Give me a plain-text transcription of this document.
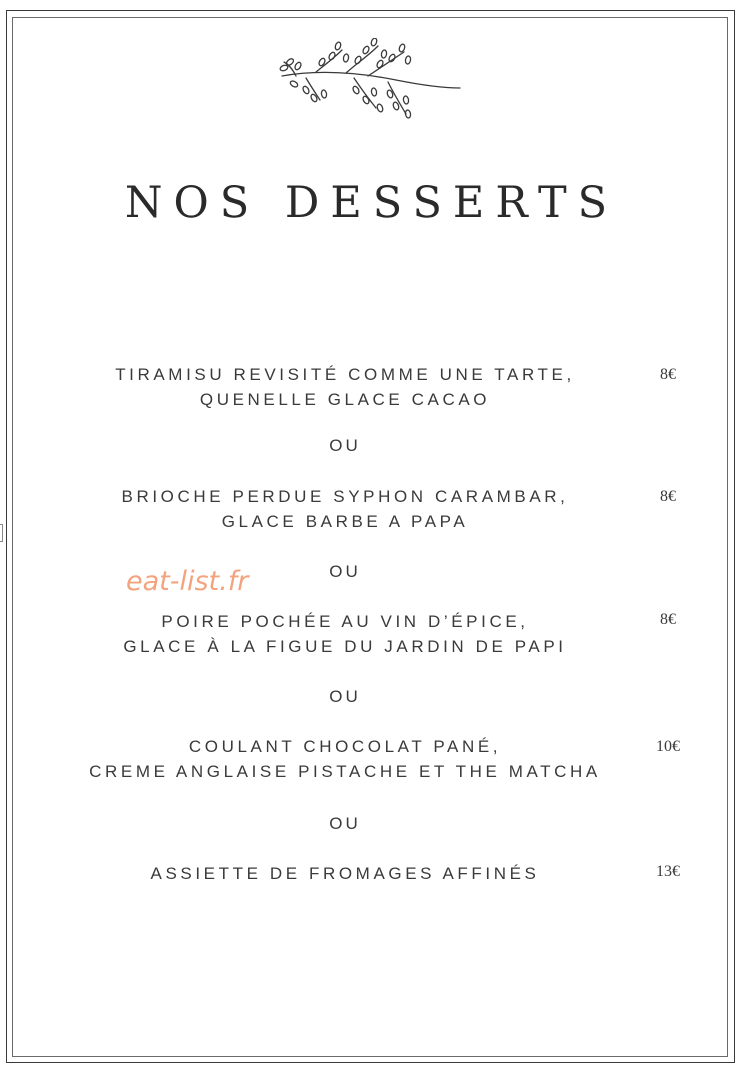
NOS DESSERTS
TIRAMISU REVISITÉ COMME UNE TARTE,
QUENELLE GLACE CACAO
8€
OU
BRIOCHE PERDUE SYPHON CARAMBAR,
GLACE BARBE A PAPA
8€
OU
eat-list.fr
POIRE POCHÉE AU VIN D’ÉPICE,
GLACE À LA FIGUE DU JARDIN DE PAPI
8€
OU
COULANT CHOCOLAT PANÉ,
CREME ANGLAISE PISTACHE ET THE MATCHA
10€
OU
ASSIETTE DE FROMAGES AFFINÉS	13€
